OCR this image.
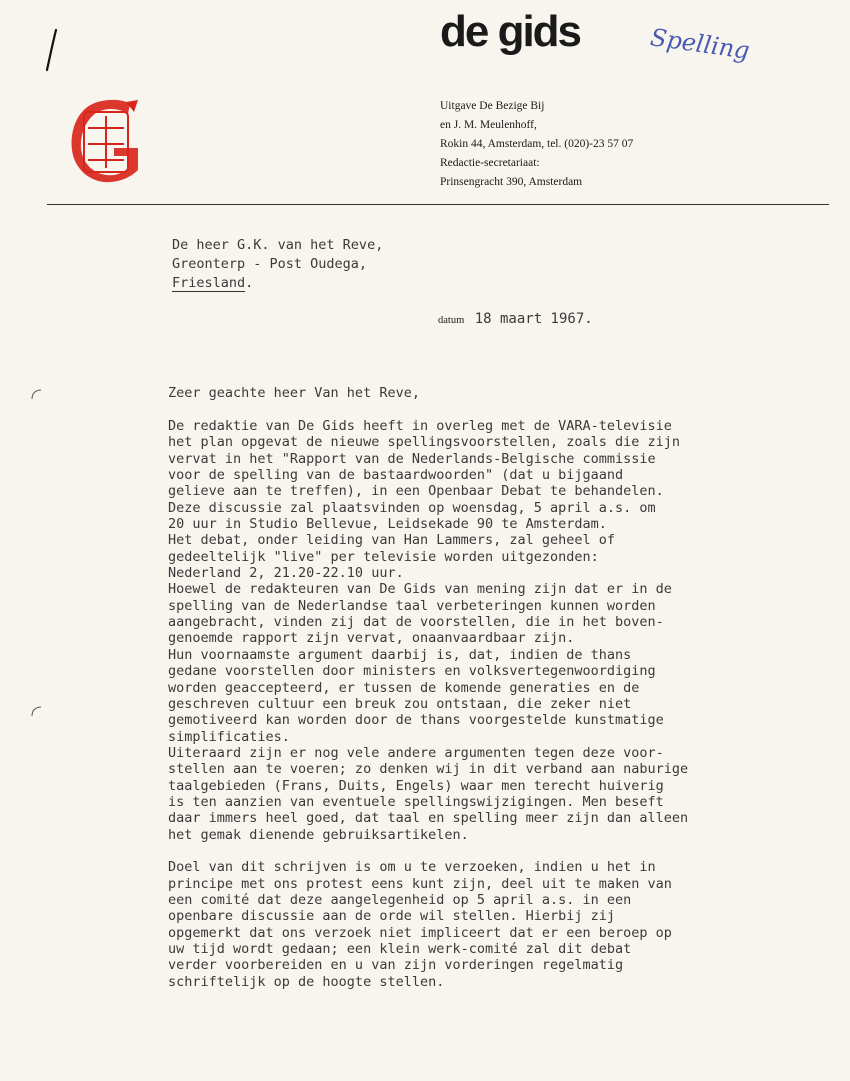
de gids	Spelling
Uitgave De Bezige Bij
en J. M. Meulenhoff,
Rokin 44, Amsterdam, tel. (020)-23 57 07
Redactie-secretariaat:
Prinsengracht 390, Amsterdam
De heer G.K. van het Reve,
Greonterp - Post Oudega,
Friesland.
datum 18 maart 1967.
Zeer geachte heer Van het Reve,
De redaktie van De Gids heeft in overleg met de VARA-televisie
het plan opgevat de nieuwe spellingsvoorstellen, zoals die zijn
vervat in het "Rapport van de Nederlands-Belgische commissie
voor de spelling van de bastaardwoorden" (dat u bijgaand
gelieve aan te treffen), in een Openbaar Debat te behandelen.
Deze discussie zal plaatsvinden op woensdag, 5 april a.s. om
20 uur in Studio Bellevue, Leidsekade 90 te Amsterdam.
Het debat, onder leiding van Han Lammers, zal geheel of
gedeeltelijk "live" per televisie worden uitgezonden:
Nederland 2, 21.20-22.10 uur.
Hoewel de redakteuren van De Gids van mening zijn dat er in de
spelling van de Nederlandse taal verbeteringen kunnen worden
aangebracht, vinden zij dat de voorstellen, die in het boven-
genoemde rapport zijn vervat, onaanvaardbaar zijn.
Hun voornaamste argument daarbij is, dat, indien de thans
gedane voorstellen door ministers en volksvertegenwoordiging
worden geaccepteerd, er tussen de komende generaties en de
geschreven cultuur een breuk zou ontstaan, die zeker niet
gemotiveerd kan worden door de thans voorgestelde kunstmatige
simplificaties.
Uiteraard zijn er nog vele andere argumenten tegen deze voor-
stellen aan te voeren; zo denken wij in dit verband aan naburige
taalgebieden (Frans, Duits, Engels) waar men terecht huiverig
is ten aanzien van eventuele spellingswijzigingen. Men beseft
daar immers heel goed, dat taal en spelling meer zijn dan alleen
het gemak dienende gebruiksartikelen.
Doel van dit schrijven is om u te verzoeken, indien u het in
principe met ons protest eens kunt zijn, deel uit te maken van
een comité dat deze aangelegenheid op 5 april a.s. in een
openbare discussie aan de orde wil stellen. Hierbij zij
opgemerkt dat ons verzoek niet impliceert dat er een beroep op
uw tijd wordt gedaan; een klein werk-comité zal dit debat
verder voorbereiden en u van zijn vorderingen regelmatig
schriftelijk op de hoogte stellen.
